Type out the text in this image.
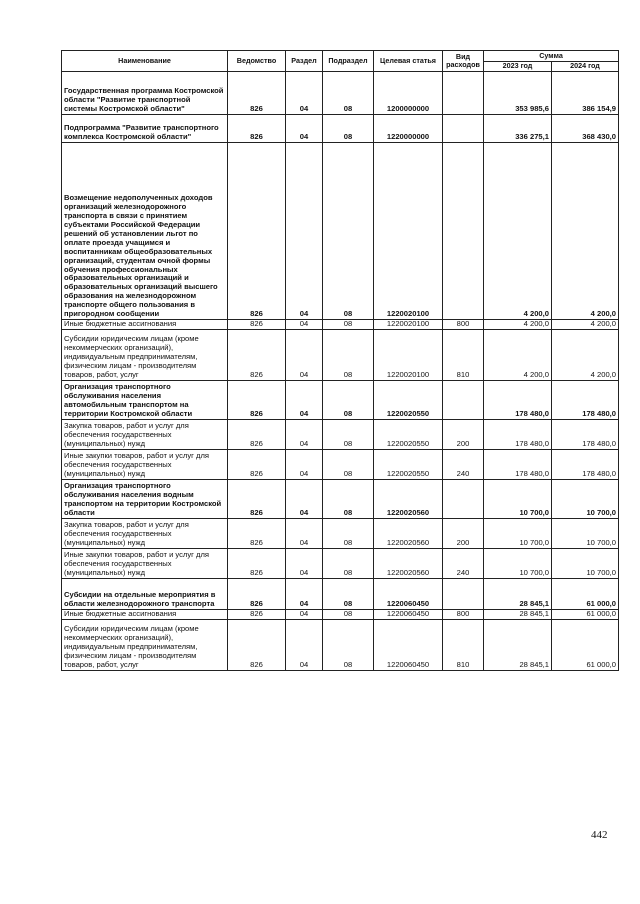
Наименование	Ведомство	Раздел	Подраздел	Целевая статья	Вид расходов	Сумма	
						2023 год	2024 год
Государственная программа Костромской области "Развитие транспортной системы Костромской области"	826	04	08	1200000000		353 985,6	386 154,9
Подпрограмма "Развитие транспортного комплекса Костромской области"	826	04	08	1220000000		336 275,1	368 430,0
Возмещение недополученных доходов организаций железнодорожного транспорта в связи с принятием субъектами Российской Федерации решений об установлении льгот по оплате проезда учащимся и воспитанникам общеобразовательных организаций, студентам очной формы обучения профессиональных образовательных организаций и образовательных организаций высшего образования на железнодорожном транспорте общего пользования в пригородном сообщении	826	04	08	1220020100		4 200,0	4 200,0
Иные бюджетные ассигнования	826	04	08	1220020100	800	4 200,0	4 200,0
Субсидии юридическим лицам (кроме некоммерческих организаций), индивидуальным предпринимателям, физическим лицам - производителям товаров, работ, услуг	826	04	08	1220020100	810	4 200,0	4 200,0
Организация транспортного обслуживания населения автомобильным транспортом на территории Костромской области	826	04	08	1220020550		178 480,0	178 480,0
Закупка товаров, работ и услуг для обеспечения государственных (муниципальных) нужд	826	04	08	1220020550	200	178 480,0	178 480,0
Иные закупки товаров, работ и услуг для обеспечения государственных (муниципальных) нужд	826	04	08	1220020550	240	178 480,0	178 480,0
Организация транспортного обслуживания населения водным транспортом на территории Костромской области	826	04	08	1220020560		10 700,0	10 700,0
Закупка товаров, работ и услуг для обеспечения государственных (муниципальных) нужд	826	04	08	1220020560	200	10 700,0	10 700,0
Иные закупки товаров, работ и услуг для обеспечения государственных (муниципальных) нужд	826	04	08	1220020560	240	10 700,0	10 700,0
Субсидии на отдельные мероприятия в области железнодорожного транспорта	826	04	08	1220060450		28 845,1	61 000,0
Иные бюджетные ассигнования	826	04	08	1220060450	800	28 845,1	61 000,0
Субсидии юридическим лицам (кроме некоммерческих организаций), индивидуальным предпринимателям, физическим лицам - производителям товаров, работ, услуг	826	04	08	1220060450	810	28 845,1	61 000,0
442
